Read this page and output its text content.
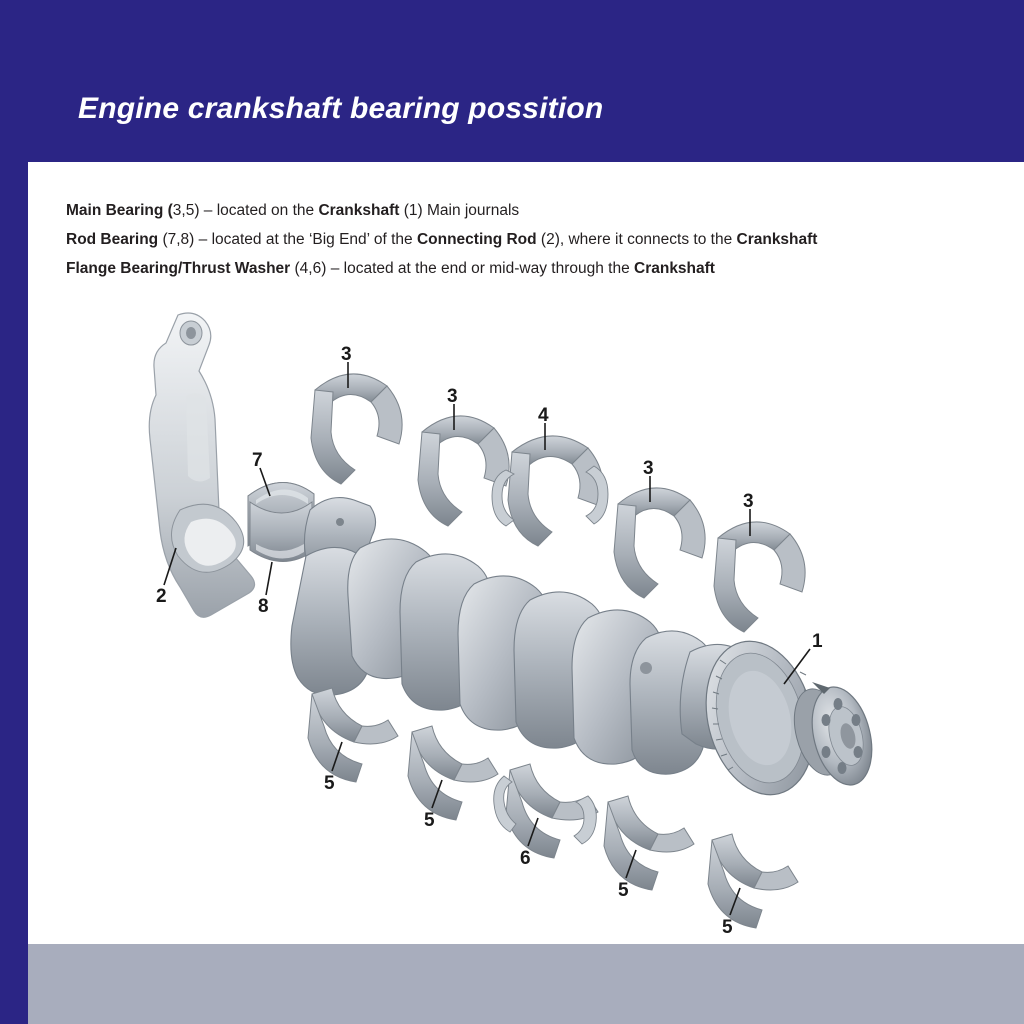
Engine crankshaft bearing possition
Main Bearing (3,5) – located on the Crankshaft (1) Main journals
Rod Bearing (7,8) – located at the ‘Big End’ of the Connecting Rod (2), where it connects to the Crankshaft
Flange Bearing/Thrust Washer (4,6) – located at the end or mid-way through the Crankshaft
3
3
4
3
3
7
8
2
1
5
5
6
5
5
